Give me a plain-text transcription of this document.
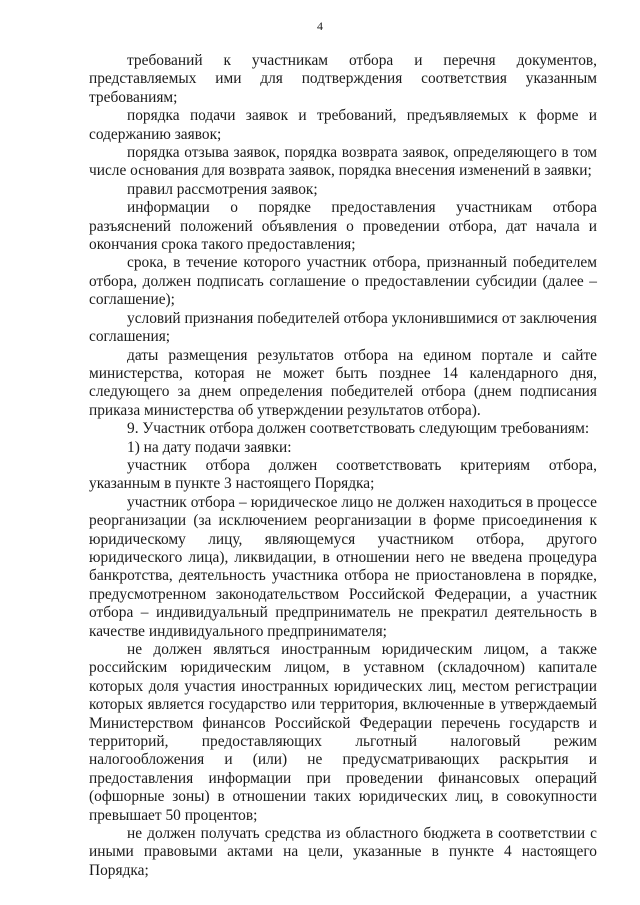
4

требований к участникам отбора и перечня документов, представляемых ими для подтверждения соответствия указанным требованиям;

порядка подачи заявок и требований, предъявляемых к форме и содержанию заявок;

порядка отзыва заявок, порядка возврата заявок, определяющего в том числе основания для возврата заявок, порядка внесения изменений в заявки;

правил рассмотрения заявок;

информации о порядке предоставления участникам отбора разъяснений положений объявления о проведении отбора, дат начала и окончания срока такого предоставления;

срока, в течение которого участник отбора, признанный победителем отбора, должен подписать соглашение о предоставлении субсидии (далее – соглашение);

условий признания победителей отбора уклонившимися от заключения соглашения;

даты размещения результатов отбора на едином портале и сайте министерства, которая не может быть позднее 14 календарного дня, следующего за днем определения победителей отбора (днем подписания приказа министерства об утверждении результатов отбора).

9. Участник отбора должен соответствовать следующим требованиям:

1) на дату подачи заявки:

участник отбора должен соответствовать критериям отбора, указанным в пункте 3 настоящего Порядка;

участник отбора – юридическое лицо не должен находиться в процессе реорганизации (за исключением реорганизации в форме присоединения к юридическому лицу, являющемуся участником отбора, другого юридического лица), ликвидации, в отношении него не введена процедура банкротства, деятельность участника отбора не приостановлена в порядке, предусмотренном законодательством Российской Федерации, а участник отбора – индивидуальный предприниматель не прекратил деятельность в качестве индивидуального предпринимателя;

не должен являться иностранным юридическим лицом, а также российским юридическим лицом, в уставном (складочном) капитале которых доля участия иностранных юридических лиц, местом регистрации которых является государство или территория, включенные в утверждаемый Министерством финансов Российской Федерации перечень государств и территорий, предоставляющих льготный налоговый режим налогообложения и (или) не предусматривающих раскрытия и предоставления информации при проведении финансовых операций (офшорные зоны) в отношении таких юридических лиц, в совокупности превышает 50 процентов;

не должен получать средства из областного бюджета в соответствии с иными правовыми актами на цели, указанные в пункте 4 настоящего Порядка;
